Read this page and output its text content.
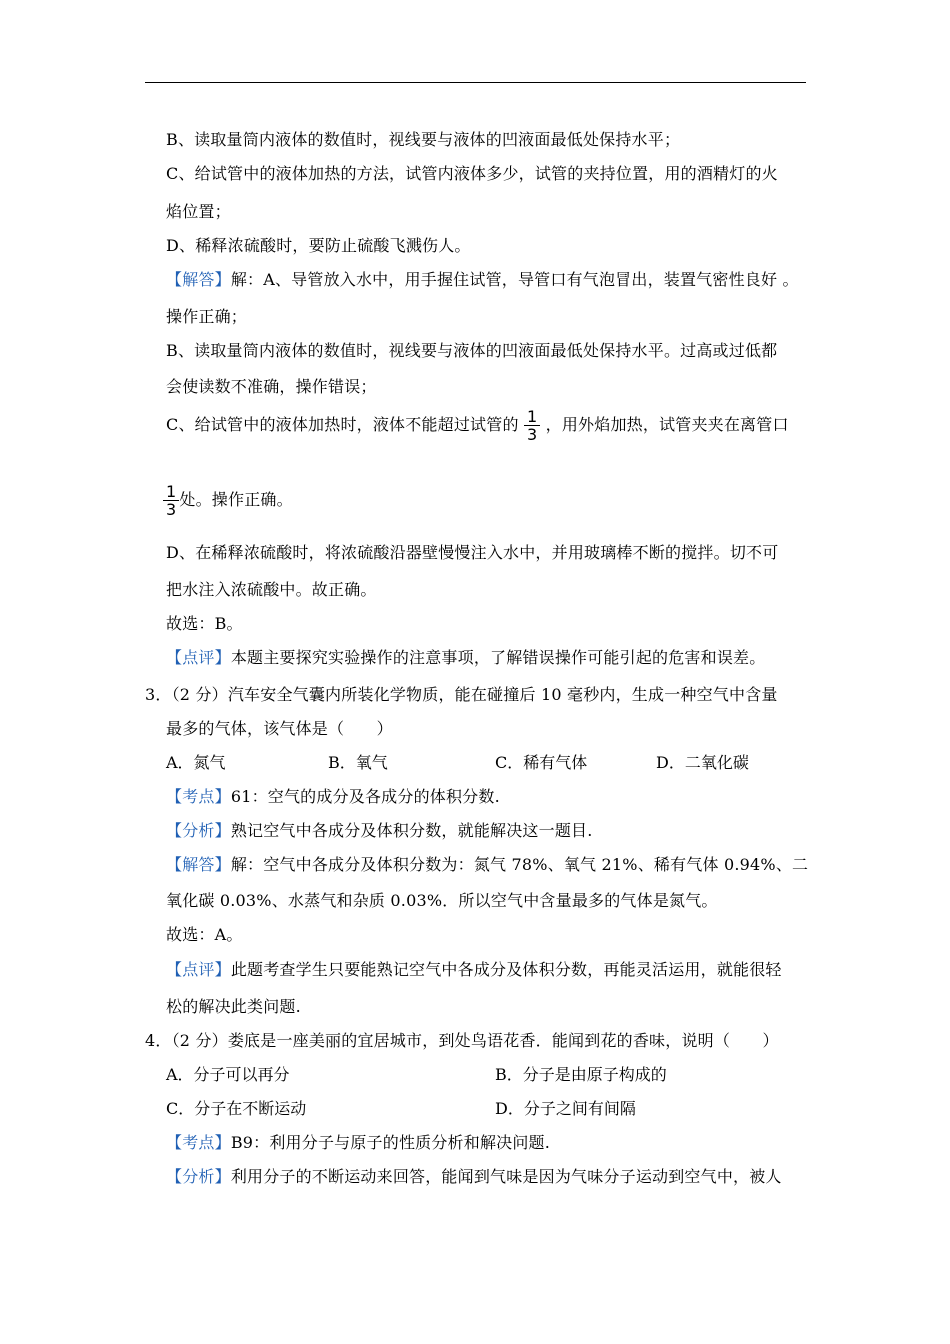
B、读取量筒内液体的数值时，视线要与液体的凹液面最低处保持水平；
C、给试管中的液体加热的方法，试管内液体多少，试管的夹持位置，用的酒精灯的火
焰位置；
D、稀释浓硫酸时，要防止硫酸飞溅伤人。
【解答】解：A、导管放入水中，用手握住试管，导管口有气泡冒出，装置气密性良好 。
操作正确；
B、读取量筒内液体的数值时，视线要与液体的凹液面最低处保持水平。过高或过低都
会使读数不准确，操作错误；
C、给试管中的液体加热时，液体不能超过试管的 $\frac{1}{3}$ ，用外焰加热，试管夹夹在离管口
$\frac{1}{3}$ 处。操作正确。
D、在稀释浓硫酸时，将浓硫酸沿器壁慢慢注入水中，并用玻璃棒不断的搅拌。切不可
把水注入浓硫酸中。故正确。
故选：B。
【点评】本题主要探究实验操作的注意事项，了解错误操作可能引起的危害和误差。
3．（2 分）汽车安全气囊内所装化学物质，能在碰撞后 10 毫秒内，生成一种空气中含量
最多的气体，该气体是（　　）
A．氮气	B．氧气	C．稀有气体	D．二氧化碳
【考点】61：空气的成分及各成分的体积分数.
【分析】熟记空气中各成分及体积分数，就能解决这一题目.
【解答】解：空气中各成分及体积分数为：氮气 78%、氧气 21%、稀有气体 0.94%、二
氧化碳 0.03%、水蒸气和杂质 0.03%．所以空气中含量最多的气体是氮气。
故选：A。
【点评】此题考查学生只要能熟记空气中各成分及体积分数，再能灵活运用，就能很轻
松的解决此类问题.
4．（2 分）娄底是一座美丽的宜居城市，到处鸟语花香．能闻到花的香味，说明（　　）
A．分子可以再分	B．分子是由原子构成的
C．分子在不断运动	D．分子之间有间隔
【考点】B9：利用分子与原子的性质分析和解决问题.
【分析】利用分子的不断运动来回答，能闻到气味是因为气味分子运动到空气中，被人
